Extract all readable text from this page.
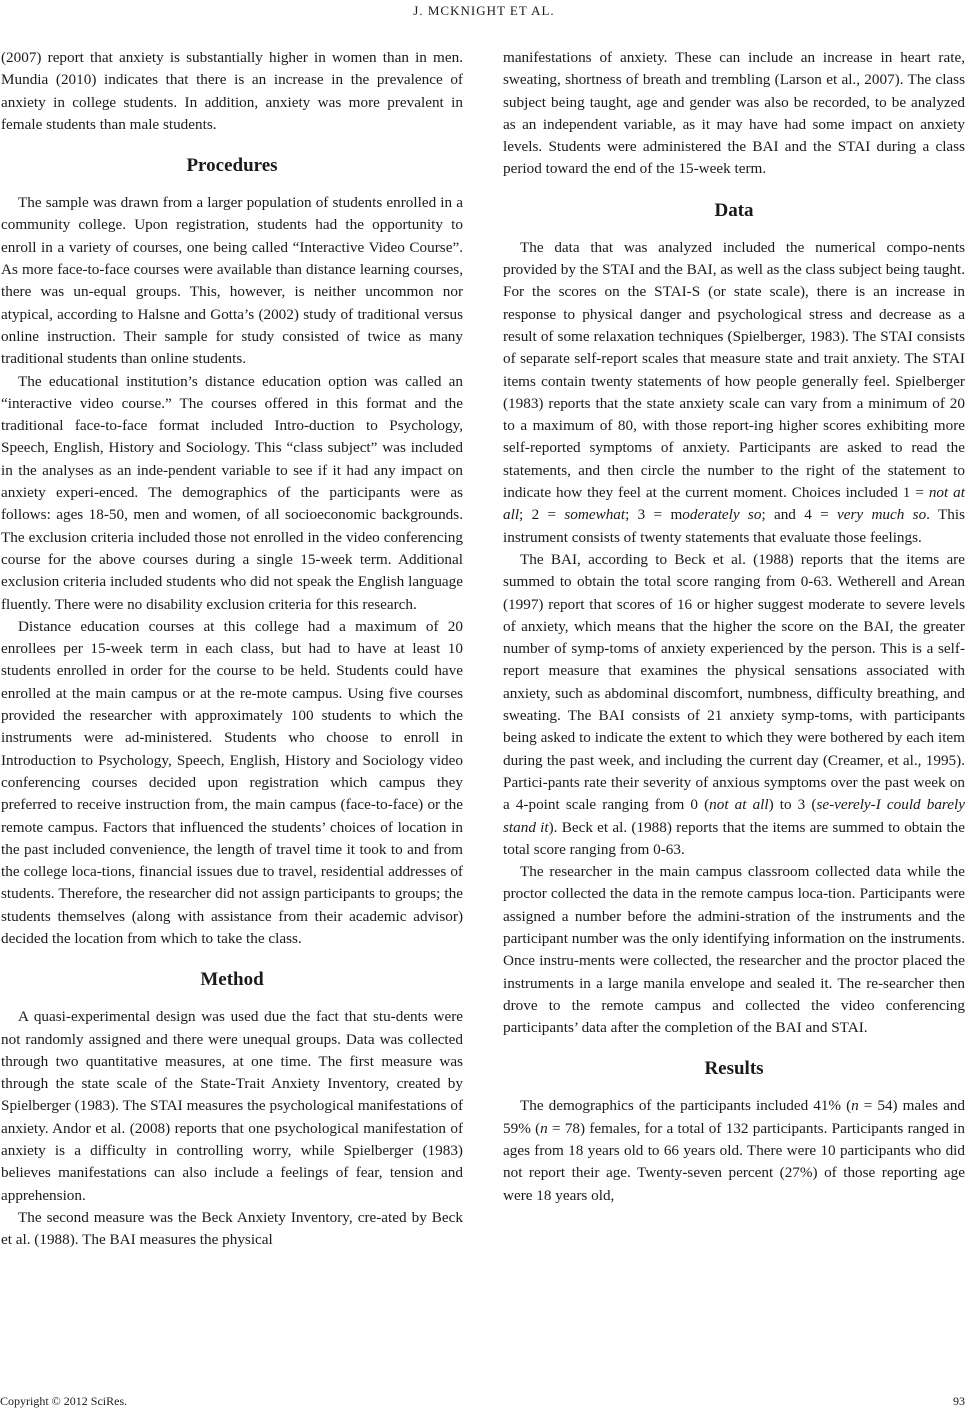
J. MCKNIGHT ET AL.

(2007) report that anxiety is substantially higher in women than in men. Mundia (2010) indicates that there is an increase in the prevalence of anxiety in college students. In addition, anxiety was more prevalent in female students than male students.

Procedures

The sample was drawn from a larger population of students enrolled in a community college. Upon registration, students had the opportunity to enroll in a variety of courses, one being called “Interactive Video Course”. As more face-to-face courses were available than distance learning courses, there was un-equal groups. This, however, is neither uncommon nor atypical, according to Halsne and Gotta’s (2002) study of traditional versus online instruction. Their sample for study consisted of twice as many traditional students than online students.

The educational institution’s distance education option was called an “interactive video course.” The courses offered in this format and the traditional face-to-face format included Intro-duction to Psychology, Speech, English, History and Sociology. This “class subject” was included in the analyses as an inde-pendent variable to see if it had any impact on anxiety experi-enced. The demographics of the participants were as follows: ages 18-50, men and women, of all socioeconomic backgrounds. The exclusion criteria included those not enrolled in the video conferencing course for the above courses during a single 15-week term. Additional exclusion criteria included students who did not speak the English language fluently. There were no disability exclusion criteria for this research.

Distance education courses at this college had a maximum of 20 enrollees per 15-week term in each class, but had to have at least 10 students enrolled in order for the course to be held. Students could have enrolled at the main campus or at the re-mote campus. Using five courses provided the researcher with approximately 100 students to which the instruments were ad-ministered. Students who choose to enroll in Introduction to Psychology, Speech, English, History and Sociology video conferencing courses decided upon registration which campus they preferred to receive instruction from, the main campus (face-to-face) or the remote campus. Factors that influenced the students’ choices of location in the past included convenience, the length of travel time it took to and from the college loca-tions, financial issues due to travel, residential addresses of students. Therefore, the researcher did not assign participants to groups; the students themselves (along with assistance from their academic advisor) decided the location from which to take the class.

Method

A quasi-experimental design was used due the fact that stu-dents were not randomly assigned and there were unequal groups. Data was collected through two quantitative measures, at one time. The first measure was through the state scale of the State-Trait Anxiety Inventory, created by Spielberger (1983). The STAI measures the psychological manifestations of anxiety. Andor et al. (2008) reports that one psychological manifestation of anxiety is a difficulty in controlling worry, while Spielberger (1983) believes manifestations can also include a feelings of fear, tension and apprehension.

The second measure was the Beck Anxiety Inventory, cre-ated by Beck et al. (1988). The BAI measures the physical

manifestations of anxiety. These can include an increase in heart rate, sweating, shortness of breath and trembling (Larson et al., 2007). The class subject being taught, age and gender was also be recorded, to be analyzed as an independent variable, as it may have had some impact on anxiety levels. Students were administered the BAI and the STAI during a class period toward the end of the 15-week term.

Data

The data that was analyzed included the numerical compo-nents provided by the STAI and the BAI, as well as the class subject being taught. For the scores on the STAI-S (or state scale), there is an increase in response to physical danger and psychological stress and decrease as a result of some relaxation techniques (Spielberger, 1983). The STAI consists of separate self-report scales that measure state and trait anxiety. The STAI items contain twenty statements of how people generally feel. Spielberger (1983) reports that the state anxiety scale can vary from a minimum of 20 to a maximum of 80, with those report-ing higher scores exhibiting more self-reported symptoms of anxiety. Participants are asked to read the statements, and then circle the number to the right of the statement to indicate how they feel at the current moment. Choices included 1 = not at all; 2 = somewhat; 3 = moderately so; and 4 = very much so. This instrument consists of twenty statements that evaluate those feelings.

The BAI, according to Beck et al. (1988) reports that the items are summed to obtain the total score ranging from 0-63. Wetherell and Arean (1997) report that scores of 16 or higher suggest moderate to severe levels of anxiety, which means that the higher the score on the BAI, the greater number of symp-toms of anxiety experienced by the person. This is a self-report measure that examines the physical sensations associated with anxiety, such as abdominal discomfort, numbness, difficulty breathing, and sweating. The BAI consists of 21 anxiety symp-toms, with participants being asked to indicate the extent to which they were bothered by each item during the past week, and including the current day (Creamer, et al., 1995). Partici-pants rate their severity of anxious symptoms over the past week on a 4-point scale ranging from 0 (not at all) to 3 (se-verely-I could barely stand it). Beck et al. (1988) reports that the items are summed to obtain the total score ranging from 0-63.

The researcher in the main campus classroom collected data while the proctor collected the data in the remote campus loca-tion. Participants were assigned a number before the admini-stration of the instruments and the participant number was the only identifying information on the instruments. Once instru-ments were collected, the researcher and the proctor placed the instruments in a large manila envelope and sealed it. The re-searcher then drove to the remote campus and collected the video conferencing participants’ data after the completion of the BAI and STAI.

Results

The demographics of the participants included 41% (n = 54) males and 59% (n = 78) females, for a total of 132 participants. Participants ranged in ages from 18 years old to 66 years old. There were 10 participants who did not report their age. Twenty-seven percent (27%) of those reporting age were 18 years old,

Copyright © 2012 SciRes.	93
